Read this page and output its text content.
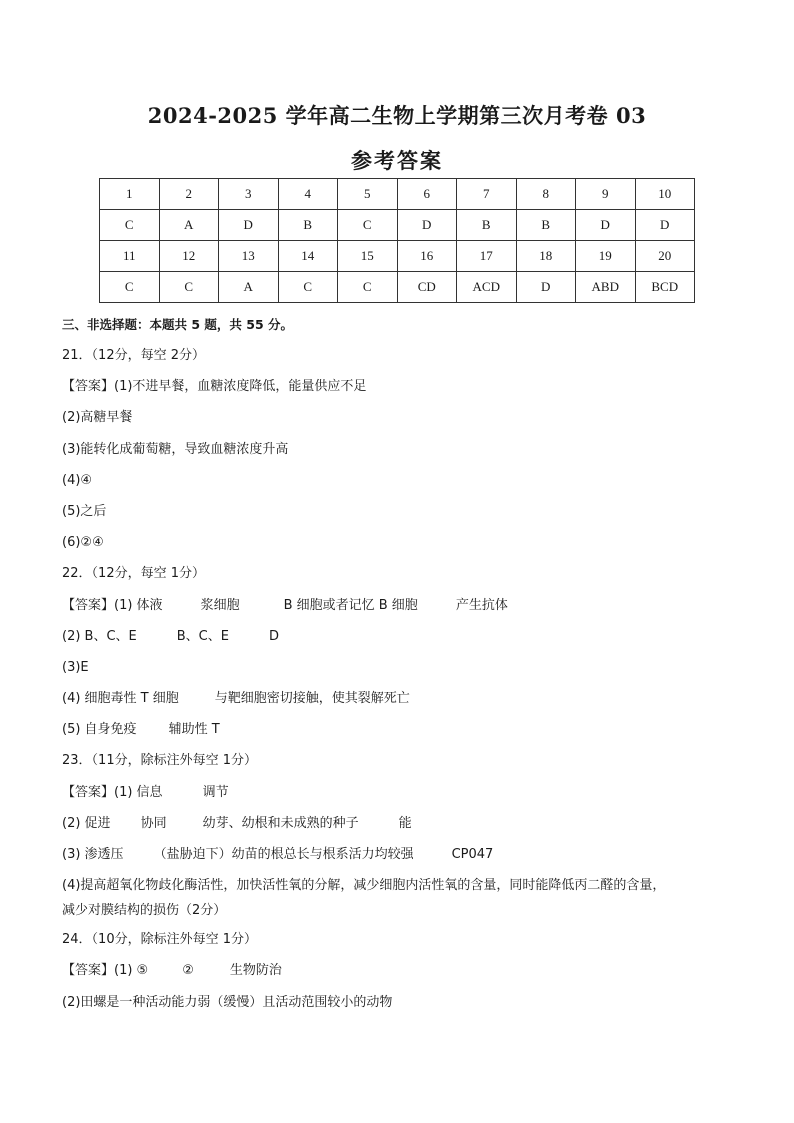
2024-2025 学年高二生物上学期第三次月考卷 03
参考答案
1	2	3	4	5	6	7	8	9	10
C	A	D	B	C	D	B	B	D	D
11	12	13	14	15	16	17	18	19	20
C	C	A	C	C	CD	ACD	D	ABD	BCD
三、非选择题：本题共 5 题，共 55 分。
21．（12分，每空 2分）
【答案】(1)不进早餐，血糖浓度降低，能量供应不足
(2)高糖早餐
(3)能转化成葡萄糖，导致血糖浓度升高
(4)④
(5)之后
(6)②④
22．（12分，每空 1分）
【答案】(1) 体液	浆细胞	B 细胞或者记忆 B 细胞	产生抗体
(2) B、C、E	B、C、E	D
(3)E
(4) 细胞毒性 T 细胞	与靶细胞密切接触，使其裂解死亡
(5) 自身免疫 辅助性 T
23．（11分，除标注外每空 1分）
【答案】(1) 信息	调节
(2) 促进 协同	幼芽、幼根和未成熟的种子	能
(3) 渗透压 （盐胁迫下）幼苗的根总长与根系活力均较强	CP047
(4)提高超氧化物歧化酶活性，加快活性氧的分解，减少细胞内活性氧的含量，同时能降低丙二醛的含量，
减少对膜结构的损伤（2分）
24．（10分，除标注外每空 1分）
【答案】(1) ⑤	②	生物防治
(2)田螺是一种活动能力弱（缓慢）且活动范围较小的动物
